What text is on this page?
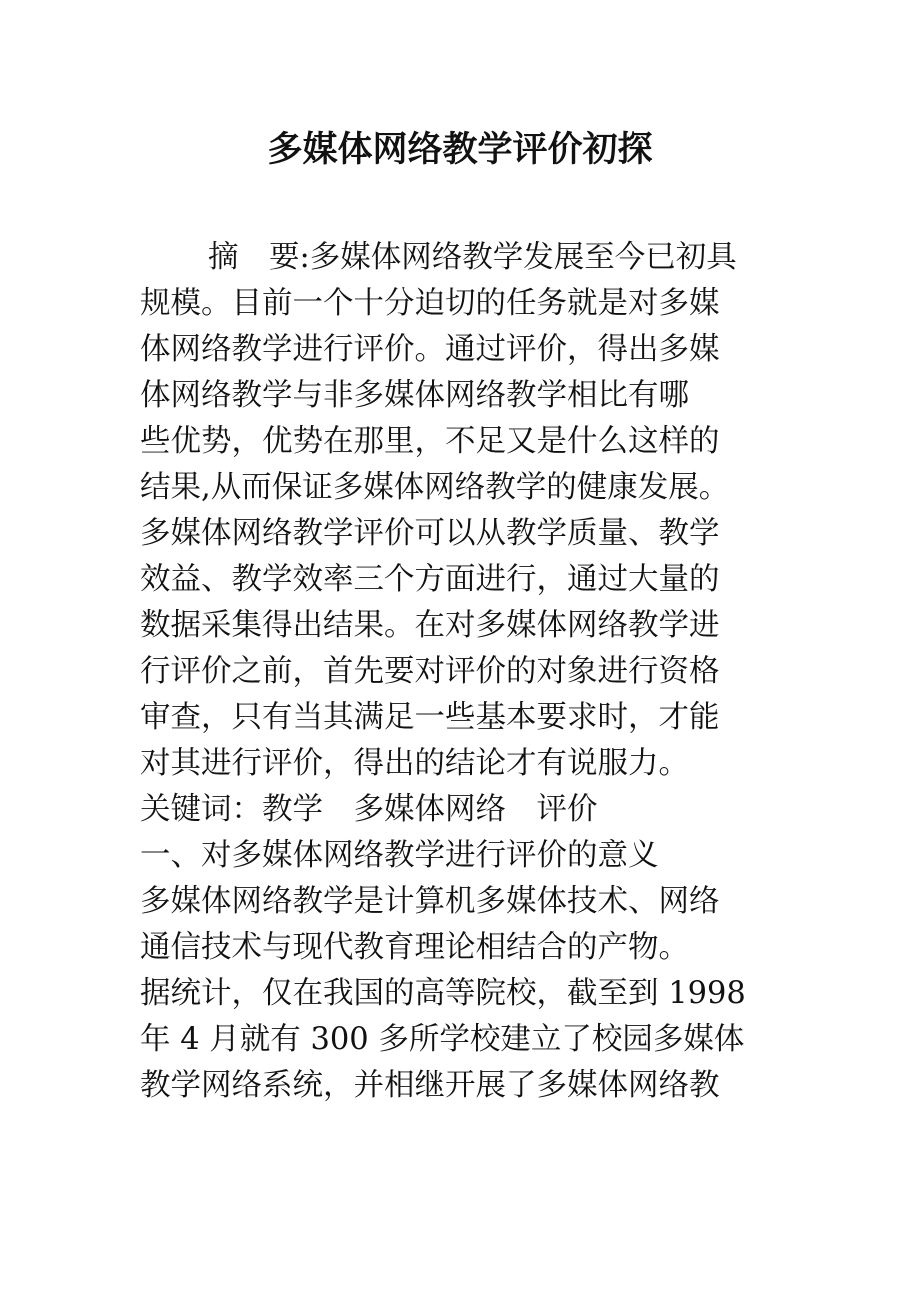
多媒体网络教学评价初探
摘　要:多媒体网络教学发展至今已初具
规模。目前一个十分迫切的任务就是对多媒
体网络教学进行评价。通过评价，得出多媒
体网络教学与非多媒体网络教学相比有哪
些优势，优势在那里，不足又是什么这样的
结果,从而保证多媒体网络教学的健康发展。
多媒体网络教学评价可以从教学质量、教学
效益、教学效率三个方面进行，通过大量的
数据采集得出结果。在对多媒体网络教学进
行评价之前，首先要对评价的对象进行资格
审查，只有当其满足一些基本要求时，才能
对其进行评价，得出的结论才有说服力。
关键词：教学　多媒体网络　评价
一、对多媒体网络教学进行评价的意义
多媒体网络教学是计算机多媒体技术、网络
通信技术与现代教育理论相结合的产物。
据统计，仅在我国的高等院校，截至到 1998
年 4 月就有 300 多所学校建立了校园多媒体
教学网络系统，并相继开展了多媒体网络教
